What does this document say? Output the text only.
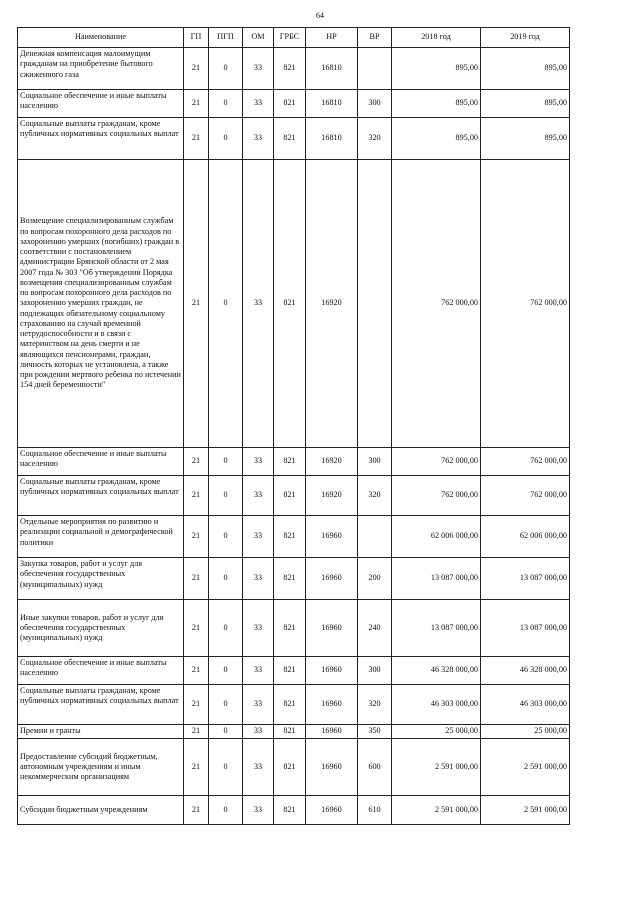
64
Наименование	ГП	ПГП	ОМ	ГРБС	НР	ВР	2018 год	2019 год
Денежная компенсация малоимущим гражданам на приобретение бытового сжиженного газа	21	0	33	821	16810		895,00	895,00
Социальное обеспечение и иные выплаты населению	21	0	33	821	16810	300	895,00	895,00
Социальные выплаты гражданам, кроме публичных нормативных социальных выплат	21	0	33	821	16810	320	895,00	895,00
Возмещение специализированным службам по вопросам похоронного дела расходов по захоронению умерших (погибших) граждан в соответствии с постановлением администрации Брянской области от 2 мая 2007 года № 303 "Об утверждении Порядка возмещения специализированным службам по вопросам похоронного дела расходов по захоронению умерших граждан, не подлежащих обязательному социальному страхованию на случай временной нетрудоспособности и в связи с материнством на день смерти и не являющихся пенсионерами, граждан, личность которых не установлена, а также при рождении мертвого ребенка по истечении 154 дней беременности"	21	0	33	821	16920		762 000,00	762 000,00
Социальное обеспечение и иные выплаты населению	21	0	33	821	16920	300	762 000,00	762 000,00
Социальные выплаты гражданам, кроме публичных нормативных социальных выплат	21	0	33	821	16920	320	762 000,00	762 000,00
Отдельные мероприятия по развитию и реализации социальной и демографической политики	21	0	33	821	16960		62 006 000,00	62 006 000,00
Закупка товаров, работ и услуг для обеспечения государственных (муниципальных) нужд	21	0	33	821	16960	200	13 087 000,00	13 087 000,00
Иные закупки товаров, работ и услуг для обеспечения государственных (муниципальных) нужд	21	0	33	821	16960	240	13 087 000,00	13 087 000,00
Социальное обеспечение и иные выплаты населению	21	0	33	821	16960	300	46 328 000,00	46 328 000,00
Социальные выплаты гражданам, кроме публичных нормативных социальных выплат	21	0	33	821	16960	320	46 303 000,00	46 303 000,00
Премии и гранты	21	0	33	821	16960	350	25 000,00	25 000,00
Предоставление субсидий бюджетным, автономным учреждениям и иным некоммерческим организациям	21	0	33	821	16960	600	2 591 000,00	2 591 000,00
Субсидии бюджетным учреждениям	21	0	33	821	16960	610	2 591 000,00	2 591 000,00
